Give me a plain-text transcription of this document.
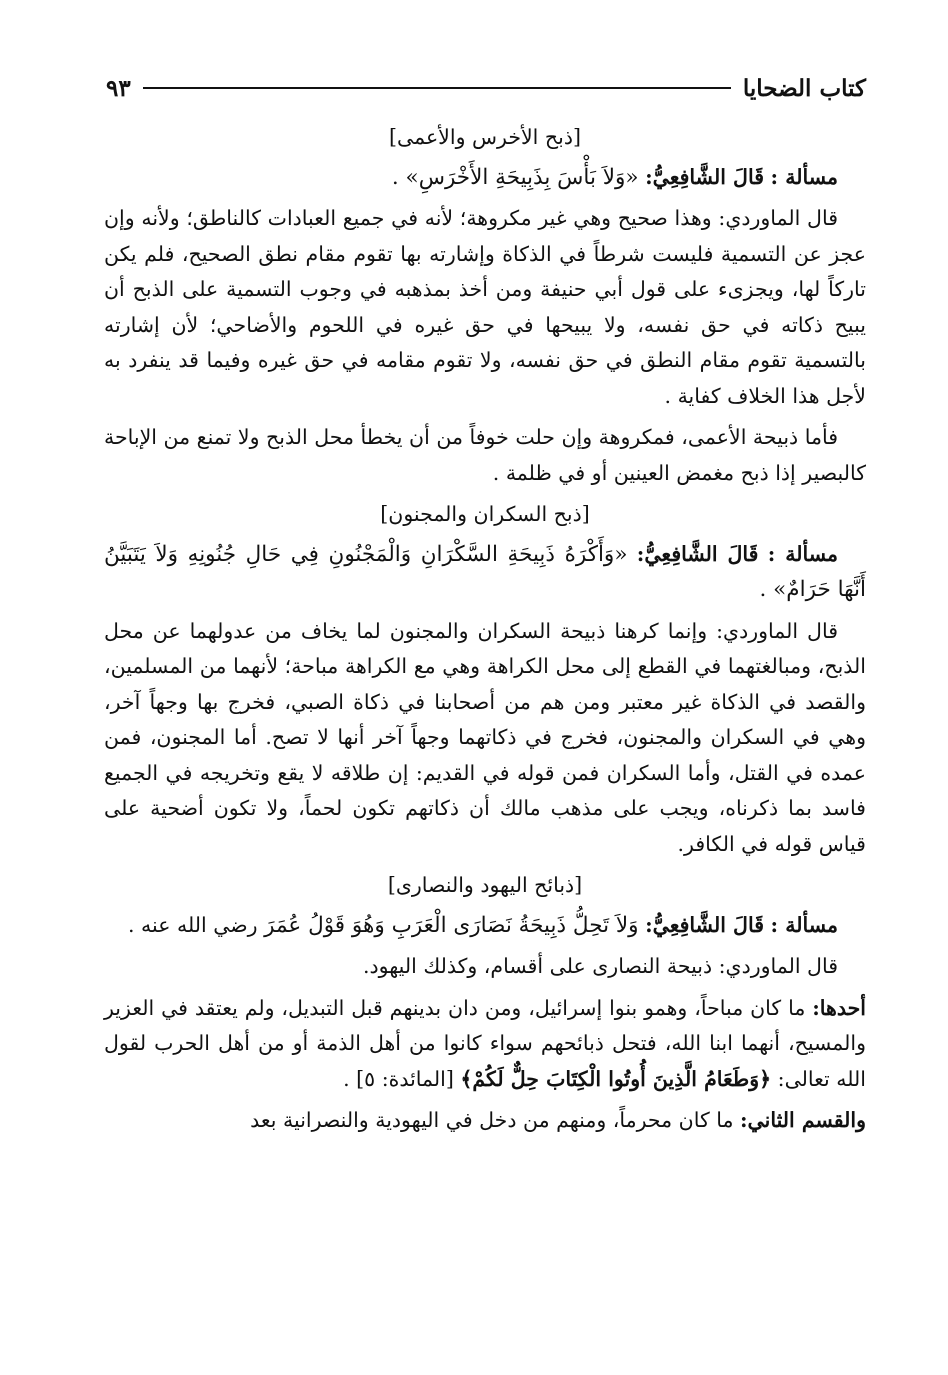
كتاب الضحايا
٩٣
[ذبح الأخرس والأعمى]

مسألة : قَالَ الشَّافِعِيُّ: «وَلاَ بَأْسَ بِذَبِيحَةِ الأَخْرَسِ» .

قال الماوردي: وهذا صحيح وهي غير مكروهة؛ لأنه في جميع العبادات كالناطق؛ ولأنه وإن عجز عن التسمية فليست شرطاً في الذكاة وإشارته بها تقوم مقام نطق الصحيح، فلم يكن تاركاً لها، ويجزىء على قول أبي حنيفة ومن أخذ بمذهبه في وجوب التسمية على الذبح أن يبيح ذكاته في حق نفسه، ولا يبيحها في حق غيره في اللحوم والأضاحي؛ لأن إشارته بالتسمية تقوم مقام النطق في حق نفسه، ولا تقوم مقامه في حق غيره وفيما قد ينفرد به لأجل هذا الخلاف كفاية .

فأما ذبيحة الأعمى، فمكروهة وإن حلت خوفاً من أن يخطأ محل الذبح ولا تمنع من الإباحة كالبصير إذا ذبح مغمض العينين أو في ظلمة .

[ذبح السكران والمجنون]

مسألة : قَالَ الشَّافِعِيُّ: «وَأَكْرَهُ ذَبِيحَةِ السَّكْرَانِ وَالْمَجْنُونِ فِي حَالِ جُنُونِهِ وَلاَ يَتَبَيَّنُ أَنَّهَا حَرَامٌ» .

قال الماوردي: وإنما كرهنا ذبيحة السكران والمجنون لما يخاف من عدولهما عن محل الذبح، ومبالغتهما في القطع إلى محل الكراهة وهي مع الكراهة مباحة؛ لأنهما من المسلمين، والقصد في الذكاة غير معتبر ومن هم من أصحابنا في ذكاة الصبي، فخرج بها وجهاً آخر، وهي في السكران والمجنون، فخرج في ذكاتهما وجهاً آخر أنها لا تصح. أما المجنون، فمن عمده في القتل، وأما السكران فمن قوله في القديم: إن طلاقه لا يقع وتخريجه في الجميع فاسد بما ذكرناه، ويجب على مذهب مالك أن ذكاتهم تكون لحماً، ولا تكون أضحية على قياس قوله في الكافر.

[ذبائح اليهود والنصارى]

مسألة : قَالَ الشَّافِعِيُّ: وَلاَ تَحِلُّ ذَبِيحَةُ نَصَارَى الْعَرَبِ وَهُوَ قَوْلُ عُمَرَ رضي الله عنه .

قال الماوردي: ذبيحة النصارى على أقسام، وكذلك اليهود.

أحدها: ما كان مباحاً، وهمو بنوا إسرائيل، ومن دان بدينهم قبل التبديل، ولم يعتقد في العزير والمسيح، أنهما ابنا الله، فتحل ذبائحهم سواء كانوا من أهل الذمة أو من أهل الحرب لقول الله تعالى: ﴿وَطَعَامُ الَّذِينَ أُوتُوا الْكِتَابَ حِلٌّ لَكُمْ﴾ [المائدة: ٥] .

والقسم الثاني: ما كان محرماً، ومنهم من دخل في اليهودية والنصرانية بعد
